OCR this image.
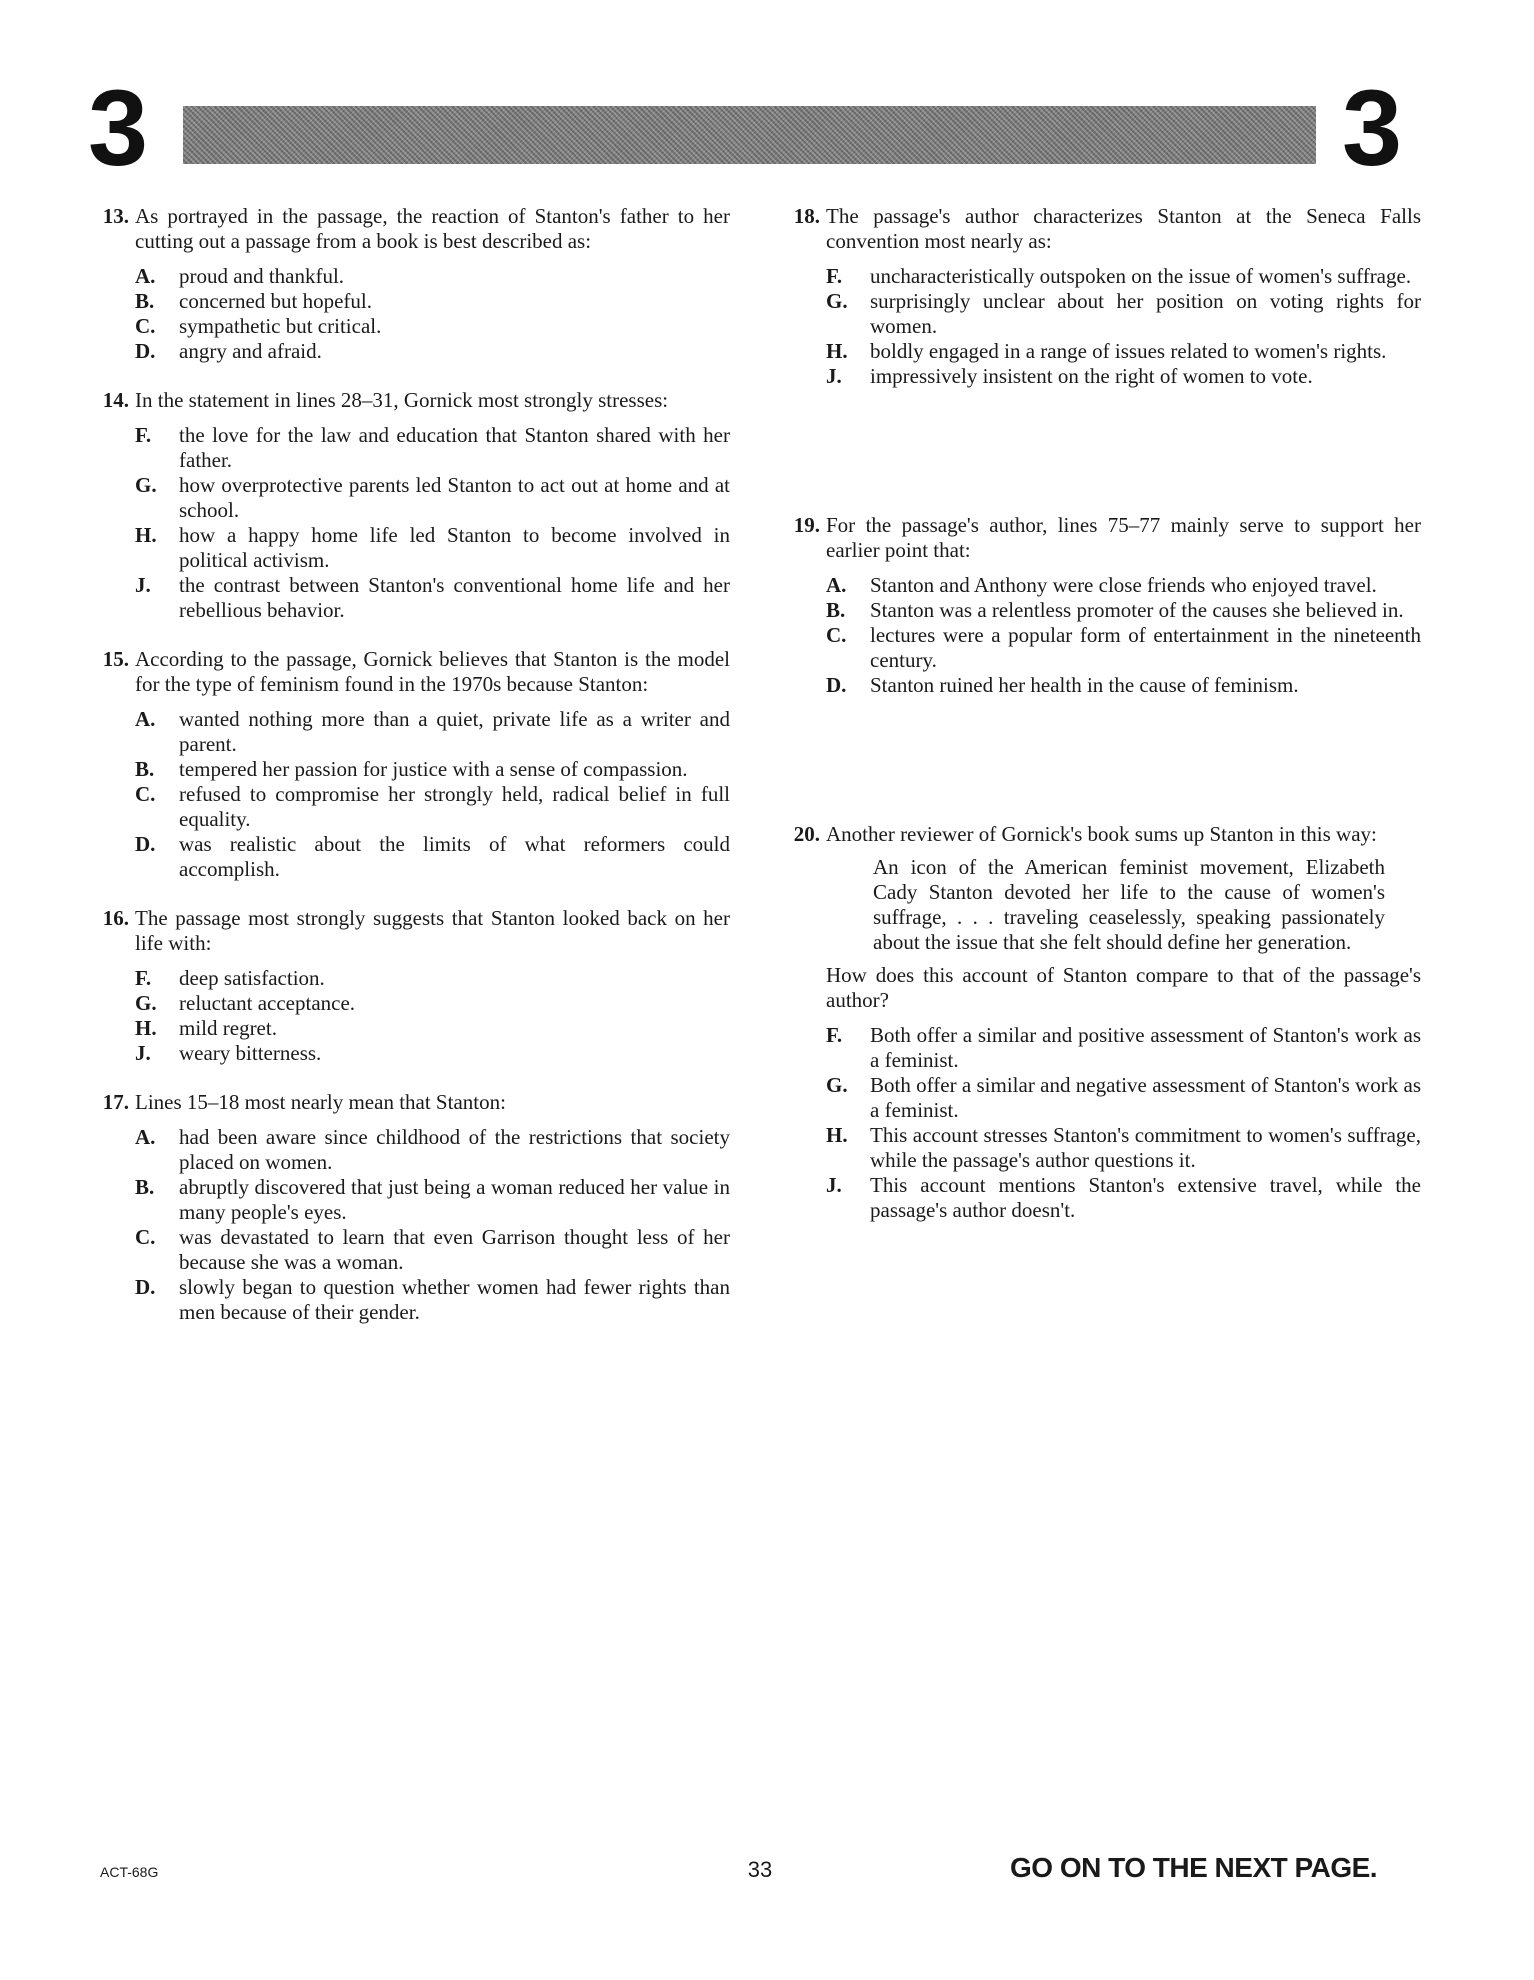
3	3
13. As portrayed in the passage, the reaction of Stanton's father to her cutting out a passage from a book is best described as:
A.	proud and thankful.
B.	concerned but hopeful.
C.	sympathetic but critical.
D.	angry and afraid.
14. In the statement in lines 28–31, Gornick most strongly stresses:
F.	the love for the law and education that Stanton shared with her father.
G.	how overprotective parents led Stanton to act out at home and at school.
H.	how a happy home life led Stanton to become involved in political activism.
J.	the contrast between Stanton's conventional home life and her rebellious behavior.
15. According to the passage, Gornick believes that Stanton is the model for the type of feminism found in the 1970s because Stanton:
A.	wanted nothing more than a quiet, private life as a writer and parent.
B.	tempered her passion for justice with a sense of compassion.
C.	refused to compromise her strongly held, radical belief in full equality.
D.	was realistic about the limits of what reformers could accomplish.
16. The passage most strongly suggests that Stanton looked back on her life with:
F.	deep satisfaction.
G.	reluctant acceptance.
H.	mild regret.
J.	weary bitterness.
17. Lines 15–18 most nearly mean that Stanton:
A.	had been aware since childhood of the restrictions that society placed on women.
B.	abruptly discovered that just being a woman reduced her value in many people's eyes.
C.	was devastated to learn that even Garrison thought less of her because she was a woman.
D.	slowly began to question whether women had fewer rights than men because of their gender.
18. The passage's author characterizes Stanton at the Seneca Falls convention most nearly as:
F.	uncharacteristically outspoken on the issue of women's suffrage.
G.	surprisingly unclear about her position on voting rights for women.
H.	boldly engaged in a range of issues related to women's rights.
J.	impressively insistent on the right of women to vote.
19. For the passage's author, lines 75–77 mainly serve to support her earlier point that:
A.	Stanton and Anthony were close friends who enjoyed travel.
B.	Stanton was a relentless promoter of the causes she believed in.
C.	lectures were a popular form of entertainment in the nineteenth century.
D.	Stanton ruined her health in the cause of feminism.
20. Another reviewer of Gornick's book sums up Stanton in this way:
An icon of the American feminist movement, Elizabeth Cady Stanton devoted her life to the cause of women's suffrage, . . . traveling ceaselessly, speaking passionately about the issue that she felt should define her generation.
How does this account of Stanton compare to that of the passage's author?
F.	Both offer a similar and positive assessment of Stanton's work as a feminist.
G.	Both offer a similar and negative assessment of Stanton's work as a feminist.
H.	This account stresses Stanton's commitment to women's suffrage, while the passage's author questions it.
J.	This account mentions Stanton's extensive travel, while the passage's author doesn't.
ACT-68G	33	GO ON TO THE NEXT PAGE.
